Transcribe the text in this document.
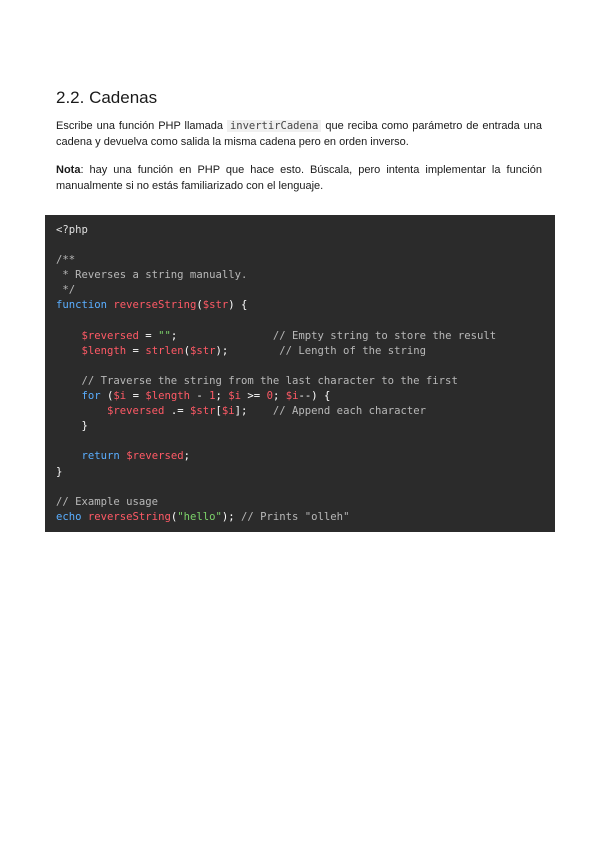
2.2. Cadenas

Escribe una función PHP llamada invertirCadena que reciba como parámetro de entrada una cadena y devuelva como salida la misma cadena pero en orden inverso.

Nota: hay una función en PHP que hace esto. Búscala, pero intenta implementar la función manualmente si no estás familiarizado con el lenguaje.

<?php

/**
* Reverses a string manually.
*/
function reverseString($str) {

$reversed = "";               // Empty string to store the result
$length = strlen($str);        // Length of the string

// Traverse the string from the last character to the first
for ($i = $length - 1; $i >= 0; $i--) {
$reversed .= $str[$i];    // Append each character
}

return $reversed;
}

// Example usage
echo reverseString("hello"); // Prints "olleh"
